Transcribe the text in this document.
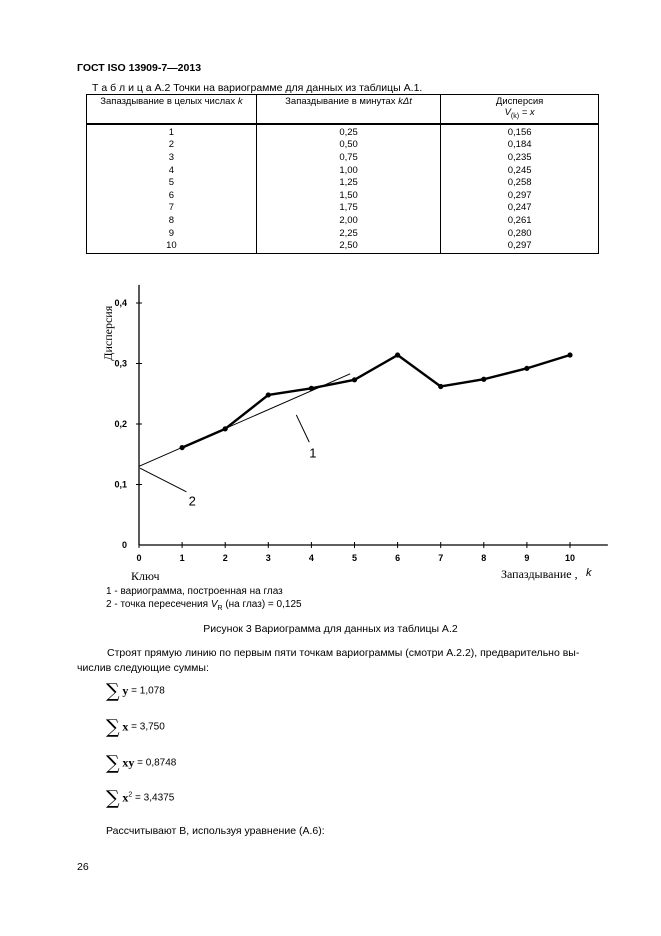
ГОСТ ISO 13909-7—2013
Т а б л и ц а А.2 Точки на вариограмме для данных из таблицы А.1.
Запаздывание в целых числах k	Запаздывание в минутах kΔt	Дисперсия
$V_{(k)} = x$
1	0,25	0,156
2	0,50	0,184
3	0,75	0,235
4	1,00	0,245
5	1,25	0,258
6	1,50	0,297
7	1,75	0,247
8	2,00	0,261
9	2,25	0,280
10	2,50	0,297
0	1	2	3	4	5	6	7	8	9	10
0
0,1
0,2
0,3
0,4
Дисперсия
Запаздывание , k
Ключ
1
2
1 - вариограмма, построенная на глаз
2 - точка пересечения $V_R$ (на глаз) = 0,125
Рисунок 3 Вариограмма для данных из таблицы А.2
Строят прямую линию по первым пяти точкам вариограммы (смотри А.2.2), предварительно вы-
числив следующие суммы:
∑ y = 1,078
∑ x = 3,750
∑ xy = 0,8748
∑ $x^2 = 3,4375$
Рассчитывают В, используя уравнение (А.6):
26
